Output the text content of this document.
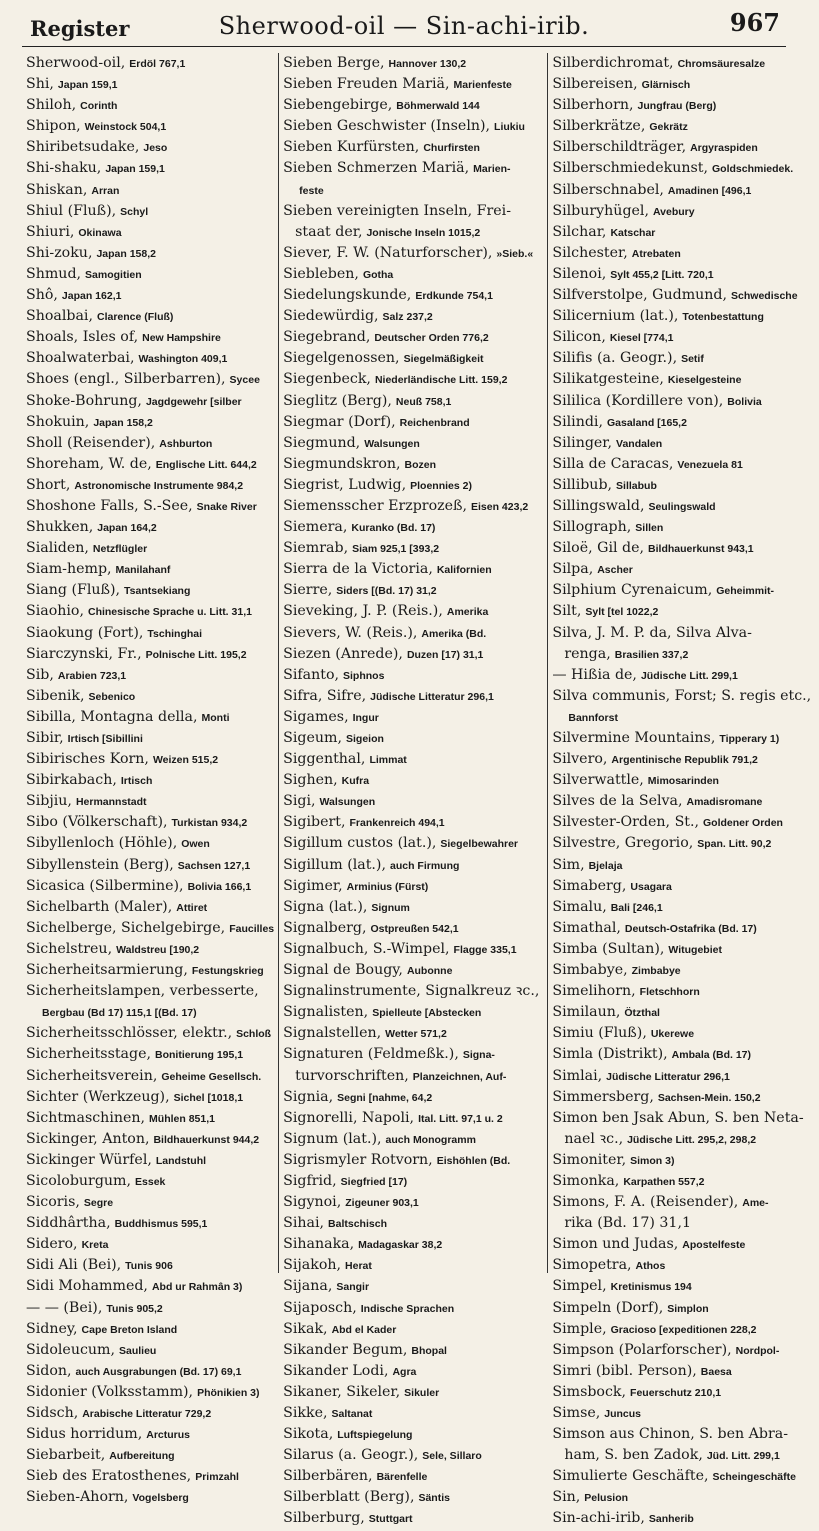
Register	Sherwood-oil — Sin-achi-irib.	967
Sherwood-oil, Erdöl 767,1
Shi, Japan 159,1
Shiloh, Corinth
Shipon, Weinstock 504,1
Shiribetsudake, Jeso
Shi-shaku, Japan 159,1
Shiskan, Arran
Shiul (Fluß), Schyl
Shiuri, Okinawa
Shi-zoku, Japan 158,2
Shmud, Samogitien
Shô, Japan 162,1
Shoalbai, Clarence (Fluß)
Shoals, Isles of, New Hampshire
Shoalwaterbai, Washington 409,1
Shoes (engl., Silberbarren), Sycee
Shoke-Bohrung, Jagdgewehr [silber
Shokuin, Japan 158,2
Sholl (Reisender), Ashburton
Shoreham, W. de, Englische Litt. 644,2
Short, Astronomische Instrumente 984,2
Shoshone Falls, S.-See, Snake River
Shukken, Japan 164,2
Sialiden, Netzflügler
Siam-hemp, Manilahanf
Siang (Fluß), Tsantsekiang
Siaohio, Chinesische Sprache u. Litt. 31,1
Siaokung (Fort), Tschinghai
Siarczynski, Fr., Polnische Litt. 195,2
Sib, Arabien 723,1
Sibenik, Sebenico
Sibilla, Montagna della, Monti
Sibir, Irtisch [Sibillini
Sibirisches Korn, Weizen 515,2
Sibirkabach, Irtisch
Sibjiu, Hermannstadt
Sibo (Völkerschaft), Turkistan 934,2
Sibyllenloch (Höhle), Owen
Sibyllenstein (Berg), Sachsen 127,1
Sicasica (Silbermine), Bolivia 166,1
Sichelbarth (Maler), Attiret
Sichelberge, Sichelgebirge, Faucilles
Sichelstreu, Waldstreu [190,2
Sicherheitsarmierung, Festungskrieg
Sicherheitslampen, verbesserte,
Bergbau (Bd 17) 115,1 [(Bd. 17)
Sicherheitsschlösser, elektr., Schloß
Sicherheitsstage, Bonitierung 195,1
Sicherheitsverein, Geheime Gesellsch.
Sichter (Werkzeug), Sichel [1018,1
Sichtmaschinen, Mühlen 851,1
Sickinger, Anton, Bildhauerkunst 944,2
Sickinger Würfel, Landstuhl
Sicoloburgum, Essek
Sicoris, Segre
Siddhârtha, Buddhismus 595,1
Sidero, Kreta
Sidi Ali (Bei), Tunis 906
Sidi Mohammed, Abd ur Rahmân 3)
— — (Bei), Tunis 905,2
Sidney, Cape Breton Island
Sidoleucum, Saulieu
Sidon, auch Ausgrabungen (Bd. 17) 69,1
Sidonier (Volksstamm), Phönikien 3)
Sidsch, Arabische Litteratur 729,2
Sidus horridum, Arcturus
Siebarbeit, Aufbereitung
Sieb des Eratosthenes, Primzahl
Sieben-Ahorn, Vogelsberg
Sieben Berge, Hannover 130,2
Sieben Freuden Mariä, Marienfeste
Siebengebirge, Böhmerwald 144
Sieben Geschwister (Inseln), Liukiu
Sieben Kurfürsten, Churfirsten
Sieben Schmerzen Mariä, Marien-
feste
Sieben vereinigten Inseln, Frei-
staat der, Jonische Inseln 1015,2
Siever, F. W. (Naturforscher), »Sieb.«
Siebleben, Gotha
Siedelungskunde, Erdkunde 754,1
Siedewürdig, Salz 237,2
Siegebrand, Deutscher Orden 776,2
Siegelgenossen, Siegelmäßigkeit
Siegenbeck, Niederländische Litt. 159,2
Sieglitz (Berg), Neuß 758,1
Siegmar (Dorf), Reichenbrand
Siegmund, Walsungen
Siegmundskron, Bozen
Siegrist, Ludwig, Ploennies 2)
Siemensscher Erzprozeß, Eisen 423,2
Siemera, Kuranko (Bd. 17)
Siemrab, Siam 925,1 [393,2
Sierra de la Victoria, Kalifornien
Sierre, Siders [(Bd. 17) 31,2
Sieveking, J. P. (Reis.), Amerika
Sievers, W. (Reis.), Amerika (Bd.
Siezen (Anrede), Duzen [17) 31,1
Sifanto, Siphnos
Sifra, Sifre, Jüdische Litteratur 296,1
Sigames, Ingur
Sigeum, Sigeion
Siggenthal, Limmat
Sighen, Kufra
Sigi, Walsungen
Sigibert, Frankenreich 494,1
Sigillum custos (lat.), Siegelbewahrer
Sigillum (lat.), auch Firmung
Sigimer, Arminius (Fürst)
Signa (lat.), Signum
Signalberg, Ostpreußen 542,1
Signalbuch, S.-Wimpel, Flagge 335,1
Signal de Bougy, Aubonne
Signalinstrumente, Signalkreuz ꝛc.,
Signalisten, Spielleute [Abstecken
Signalstellen, Wetter 571,2
Signaturen (Feldmeßk.), Signa-
turvorschriften, Planzeichnen, Auf-
Signia, Segni [nahme, 64,2
Signorelli, Napoli, Ital. Litt. 97,1 u. 2
Signum (lat.), auch Monogramm
Sigrismyler Rotvorn, Eishöhlen (Bd.
Sigfrid, Siegfried [17)
Sigynoi, Zigeuner 903,1
Sihai, Baltschisch
Sihanaka, Madagaskar 38,2
Sijakoh, Herat
Sijana, Sangir
Sijaposch, Indische Sprachen
Sikak, Abd el Kader
Sikander Begum, Bhopal
Sikander Lodi, Agra
Sikaner, Sikeler, Sikuler
Sikke, Saltanat
Sikota, Luftspiegelung
Silarus (a. Geogr.), Sele, Sillaro
Silberbären, Bärenfelle
Silberblatt (Berg), Säntis
Silberburg, Stuttgart
Silberdichromat, Chromsäuresalze
Silbereisen, Glärnisch
Silberhorn, Jungfrau (Berg)
Silberkrätze, Gekrätz
Silberschildträger, Argyraspiden
Silberschmiedekunst, Goldschmiedek.
Silberschnabel, Amadinen [496,1
Silburyhügel, Avebury
Silchar, Katschar
Silchester, Atrebaten
Silenoi, Sylt 455,2 [Litt. 720,1
Silfverstolpe, Gudmund, Schwedische
Silicernium (lat.), Totenbestattung
Silicon, Kiesel [774,1
Silifis (a. Geogr.), Setif
Silikatgesteine, Kieselgesteine
Sililica (Kordillere von), Bolivia
Silindi, Gasaland [165,2
Silinger, Vandalen
Silla de Caracas, Venezuela 81
Sillibub, Sillabub
Sillingswald, Seulingswald
Sillograph, Sillen
Siloë, Gil de, Bildhauerkunst 943,1
Silpa, Ascher
Silphium Cyrenaicum, Geheimmit-
Silt, Sylt [tel 1022,2
Silva, J. M. P. da, Silva Alva-
renga, Brasilien 337,2
— Hißia de, Jüdische Litt. 299,1
Silva communis, Forst; S. regis etc.,
Bannforst
Silvermine Mountains, Tipperary 1)
Silvero, Argentinische Republik 791,2
Silverwattle, Mimosarinden
Silves de la Selva, Amadisromane
Silvester-Orden, St., Goldener Orden
Silvestre, Gregorio, Span. Litt. 90,2
Sim, Bjelaja
Simaberg, Usagara
Simalu, Bali [246,1
Simathal, Deutsch-Ostafrika (Bd. 17)
Simba (Sultan), Witugebiet
Simbabye, Zimbabye
Simelihorn, Fletschhorn
Similaun, Ötzthal
Simiu (Fluß), Ukerewe
Simla (Distrikt), Ambala (Bd. 17)
Simlai, Jüdische Litteratur 296,1
Simmersberg, Sachsen-Mein. 150,2
Simon ben Jsak Abun, S. ben Neta-
nael ꝛc., Jüdische Litt. 295,2, 298,2
Simoniter, Simon 3)
Simonka, Karpathen 557,2
Simons, F. A. (Reisender), Ame-
rika (Bd. 17) 31,1
Simon und Judas, Apostelfeste
Simopetra, Athos
Simpel, Kretinismus 194
Simpeln (Dorf), Simplon
Simple, Gracioso [expeditionen 228,2
Simpson (Polarforscher), Nordpol-
Simri (bibl. Person), Baesa
Simsbock, Feuerschutz 210,1
Simse, Juncus
Simson aus Chinon, S. ben Abra-
ham, S. ben Zadok, Jüd. Litt. 299,1
Simulierte Geschäfte, Scheingeschäfte
Sin, Pelusion
Sin-achi-irib, Sanherib
